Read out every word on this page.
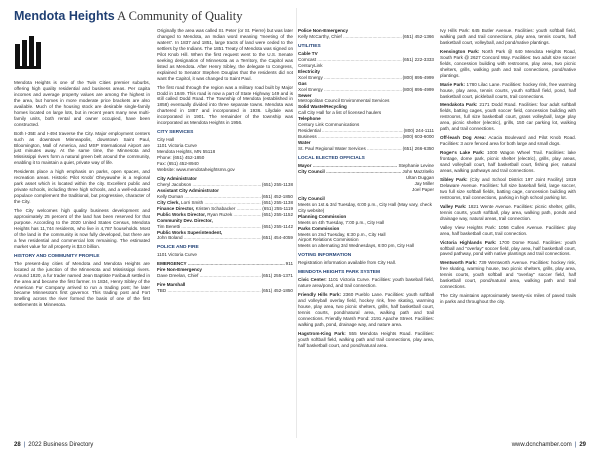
Mendota Heights A Community of Quality

Mendota Heights is one of the Twin Cities premier suburbs, offering high quality residential and business areas. Per capita incomes and average property values are among the highest in the area, but homes in more moderate price brackets are also available. Much of the housing stock are desirable single-family homes located on large lots, but in recent years many new multi-family units, both rental and owner occupied, have been constructed.

Both I-35E and I-494 traverse the City. Major employment centers such as downtown Minneapolis, downtown Saint Paul, Bloomington, Mall of America, and MSP International Airport are just minutes away. At the same time, the Minnesota and Mississippi rivers form a natural green belt around the community, enabling it to maintain a quiet, private way of life.

Residents place a high emphasis on parks, open spaces, and recreation areas. Historic Pilot Knob/ Oheyawahe is a regional park asset which is located within the city. Excellent public and private schools, including three high schools, and a well-educated populace complement the traditional, but progressive, character of the City.

The City welcomes high quality business development and approximately 25 percent of the land has been reserved for that purpose. According to the 2020 United States Census, Mendota Heights has 11,744 residents, who live in 4,787 households. Most of the land in the community is now fully developed, but there are a few residential and commercial lots remaining. The estimated market value for all property is $3.0 billion.

HISTORY AND COMMUNITY PROFILE

The present-day cities of Mendota and Mendota Heights are located at the junction of the Minnesota and Mississippi rivers. Around 1820, a fur trader named Jean Baptiste Faribault settled in the area and became the first farmer. In 1834, Henry Sibley of the American Fur Company arrived to run a trading post; he later became Minnesota's first governor. This trading post and Fort Snelling across the river formed the basis of one of the first settlements in Minnesota.

Originally the area was called St. Peter (or St. Pierre) but was later changed to Mendota, an Indian word meaning "meeting of the waters". In 1837 and 1851, large tracts of land were ceded to the settlers by the Indians. The 1851 Treaty of Mendota was signed on Pilot Knob Hill. When the first request went to the U.S. Senate seeking designation of Minnesota as a Territory, the Capitol was listed as Mendota. After Henry Sibley, the delegate to Congress, explained to Senator Stephen Douglas that the residents did not want the Capitol, it was changed to Saint Paul.

The first road through the region was a military road built by Major Dodd in 1849. This road is now a part of State Highway 149 and is still called Dodd Road. The Township of Mendota (established in 1858) eventually divided into three separate towns. Mendota was chartered in 1887 and incorporated in 1936. Lilydale was incorporated in 1901. The remainder of the township was incorporated as Mendota Heights in 1956.

CITY SERVICES
City Hall
1101 Victoria Curve
Mendota Heights, MN 55118
Phone: (651) 452-1850
Fax: (651) 452-8940
Website: www.mendotaheightsmn.gov
City Administrator
Cheryl Jacobson .....	(651) 255-1138
Assistant City Administrator
Kelly Duman .....	(651) 452-1850
City Clerk, Lorri Smith .....	(651) 255-1138
Finance Director, Kristen Schabacker .....	(651) 255-1119
Public Works Director, Ryan Ruzek .....	(651) 255-1152
Community Dev. Director,
Tim Benetti .....	(651) 255-1142
Public Works Superintendent,
John Boland .....	(651) 454-4059
POLICE AND FIRE
1101 Victoria Curve
EMERGENCY .....	911
Fire Non-Emergency
Dave Dreelan, Chief .....	(651) 255-1371
Fire Marshall
TBD .....	(651) 452-1850
Police Non-Emergency
Kelly McCarthy, Chief .....	(651) 452-1366
UTILITIES
Cable TV
Comcast .....	(651) 222-3333
CenturyLink
Electricity
Xcel Energy .....	(800) 895-4999
Gas
Xcel Energy .....	(800) 895-4999
Sewer
Metropolitan Council Environmental Services
Solid Waste/Recycling
Call City Hall for a list of licensed haulers
Telephone
Century Link Communications
Residential .....	(800) 244-1111
Business .....	(800) 603-6000
Water
St. Paul Regional Water Services .....	(651) 266-6350
LOCAL ELECTED OFFICIALS
Mayor .....	Stephanie Levine
City Council .....	John Mazzitello
Ultan Duggan
Jay Miller
Joel Paper
City Council
Meets on 1st & 3rd Tuesday, 6:00 p.m., City Hall (May vary, check City website)
Planning Commission
Meets on 4th Tuesday, 7:00 p.m., City Hall
Parks Commission
Meets on 2nd Tuesday, 6:30 p.m., City Hall
Airport Relations Commission
Meets on alternating 3rd Wednesdays, 6:00 pm, City Hall
VOTING INFORMATION
Registration information available from City Hall.
MENDOTA HEIGHTS PARK SYSTEM

Civic Center: 1101 Victoria Curve. Facilities: youth baseball field, nature area/pond, and trail connection.

Friendly Hills Park: 2360 Pueblo Lane. Facilities: youth softball and volleyball overlay field, hockey rink, free skating, warming house, play area, two picnic shelters, grills, half basketball court, tennis courts, pond/natural area, walking path and trail connections. Friendly Marsh Pond: 2191 Apache Street. Facilities: walking path, pond, drainage way, and nature area.

Hagstrom-King Park: 555 Mendota Heights Road. Facilities: youth softball field, walking path and trail connections, play area, half basketball court, and pond/natural area.

Ivy Hills Park: 645 Butler Avenue. Facilities: youth softball field, walking path and trail connections, play area, tennis courts, half basketball court, volleyball, and pond/native plantings.

Kensington Park: North Park @ 640 Mendota Heights Road, South Park @ 2627 Concord Way. Facilities: two adult size soccer fields, concession building with restrooms, play area, two picnic shelters, grills, walking path and trail connections, pond/native plantings.

Marie Park: 1780 Lilac Lane. Facilities: hockey rink, free warming house, play area, tennis courts, youth softball field, pond, half basketball court, pickleball courts, trail connections.

Mendakota Park: 2171 Dodd Road. Facilities: four adult softball fields, batting cages, youth soccer field, concession building with restrooms, full size basketball court, grass volleyball, large play area, picnic shelter (electric), grills, 150 car parking lot, walking path, and trail connections.

Off-leash Dog Area: Acacia Boulevard and Pilot Knob Road. Facilities: 3 acre fenced area for both large and small dogs.

Roger's Lake Park: 1000 Wagon Wheel Trail. Facilities: lake frontage, dome park, picnic shelter (electric), grills, play areas, sand volleyball court, half basketball court, fishing pier, natural areas, walking pathways and trail connections.

Sibley Park: (City and School District 197 Joint Facility) 1819 Delaware Avenue. Facilities: full size baseball field, large soccer, two full size softball fields, batting cage, concession building with restrooms, trail connections, parking in high school parking lot.

Valley Park: 1821 Wente Avenue. Facilities: picnic shelter, grills, tennis courts, youth softball, play area, walking path, ponds and drainage way, natural areas, trail connection.

Valley View Heights Park: 1056 Cullen Avenue. Facilities: play area, half basketball court, trail connection.

Victoria Highlands Park: 1700 Dome Road. Facilities: youth softball and "overlay" soccer field, play area, half basketball court, paved pathway, pond with native plantings and trail connections.

Wentworth Park: 739 Wentworth Avenue. Facilities: hockey rink, free skating, warming house, two picnic shelters, grills, play area, tennis courts, youth softball and "overlay" soccer field, half basketball court, pond/natural area, walking path and trail connections.

The City maintains approximately twenty-six miles of paved trails in parks and throughout the city.

28 | 2022 Business Directory	www.dcnchamber.com | 29
